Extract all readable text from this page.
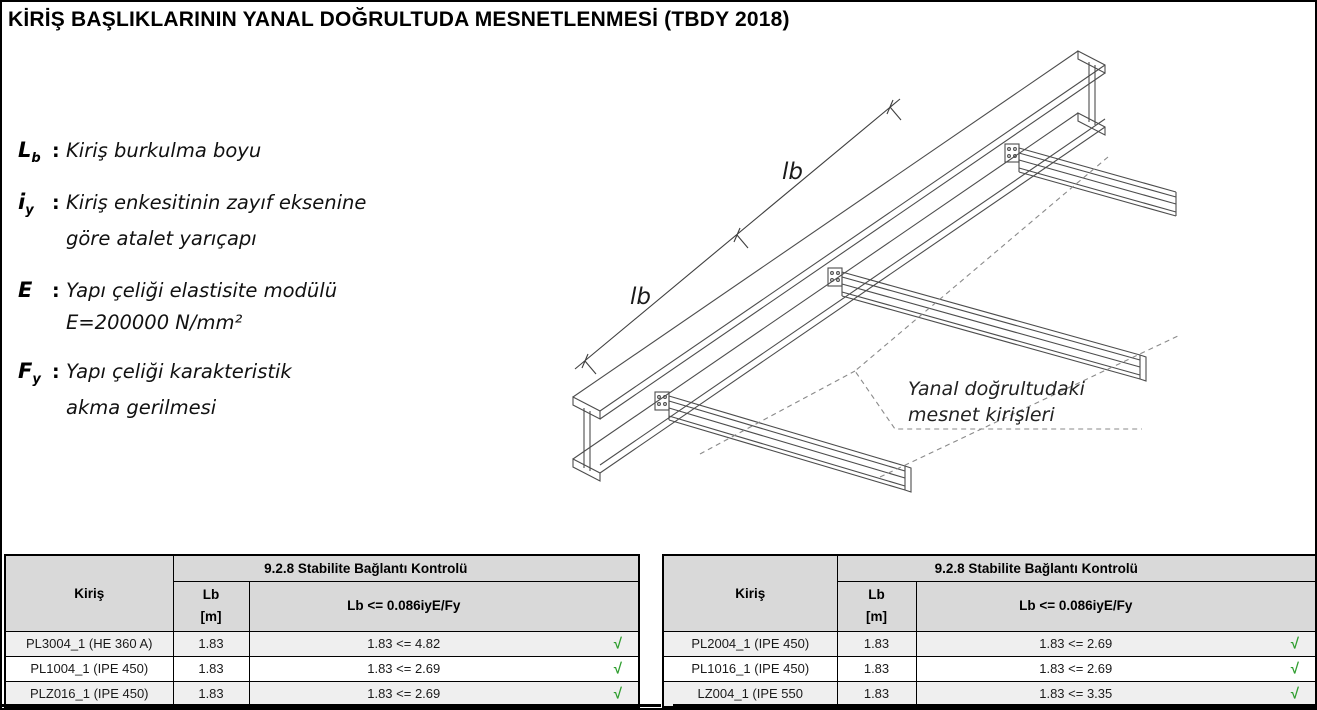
KİRİŞ BAŞLIKLARININ YANAL DOĞRULTUDA MESNETLENMESİ (TBDY 2018)
$L_b$ : Kiriş burkulma boyu
$i_y$ : Kiriş enkesitinin zayıf eksenine
göre atalet yarıçapı
E	: Yapı çeliği elastisite modülü
E=200000 N/mm²
$F_y$ : Yapı çeliği karakteristik
akma gerilmesi
lb
lb
Yanal doğrultudaki
mesnet kirişleri
Kiriş	9.2.8 Stabilite Bağlantı Kontrolü	
	Lb
[m]	Lb <= 0.086iyE/Fy
PL3004_1 (HE 360 A)	1.83	1.83 <= 4.82 √

PL1004_1 (IPE 450)	1.83	1.83 <= 2.69 √

PLZ016_1 (IPE 450)	1.83	1.83 <= 2.69 √
Kiriş	9.2.8 Stabilite Bağlantı Kontrolü	
	Lb
[m]	Lb <= 0.086iyE/Fy
PL2004_1 (IPE 450)	1.83	1.83 <= 2.69 √

PL1016_1 (IPE 450)	1.83	1.83 <= 2.69 √

LZ004_1 (IPE 550	1.83	1.83 <= 3.35 √
